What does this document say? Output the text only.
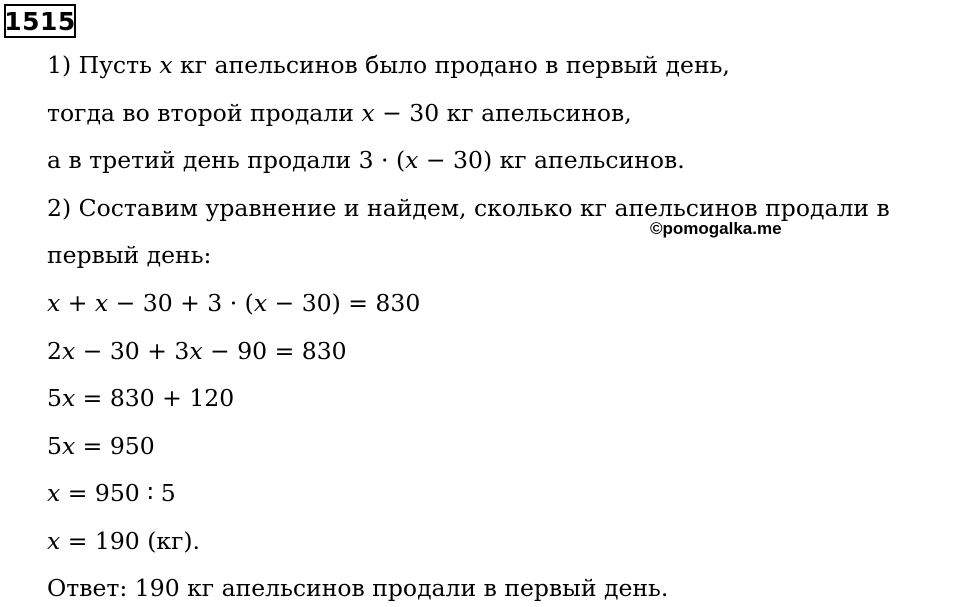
1515
1) Пусть 𝑥 кг апельсинов было продано в первый день,
тогда во второй продали 𝑥 − 30 кг апельсинов,
а в третий день продали 3 · (𝑥 − 30) кг апельсинов.
2) Составим уравнение и найдем, сколько кг апельсинов продали в
первый день:
𝑥 + 𝑥 − 30 + 3 · (𝑥 − 30) = 830
2𝑥 − 30 + 3𝑥 − 90 = 830
5𝑥 = 830 + 120
5𝑥 = 950
𝑥 = 950 ∶ 5
𝑥 = 190 (кг).
Ответ: 190 кг апельсинов продали в первый день.
©pomogalka.me
